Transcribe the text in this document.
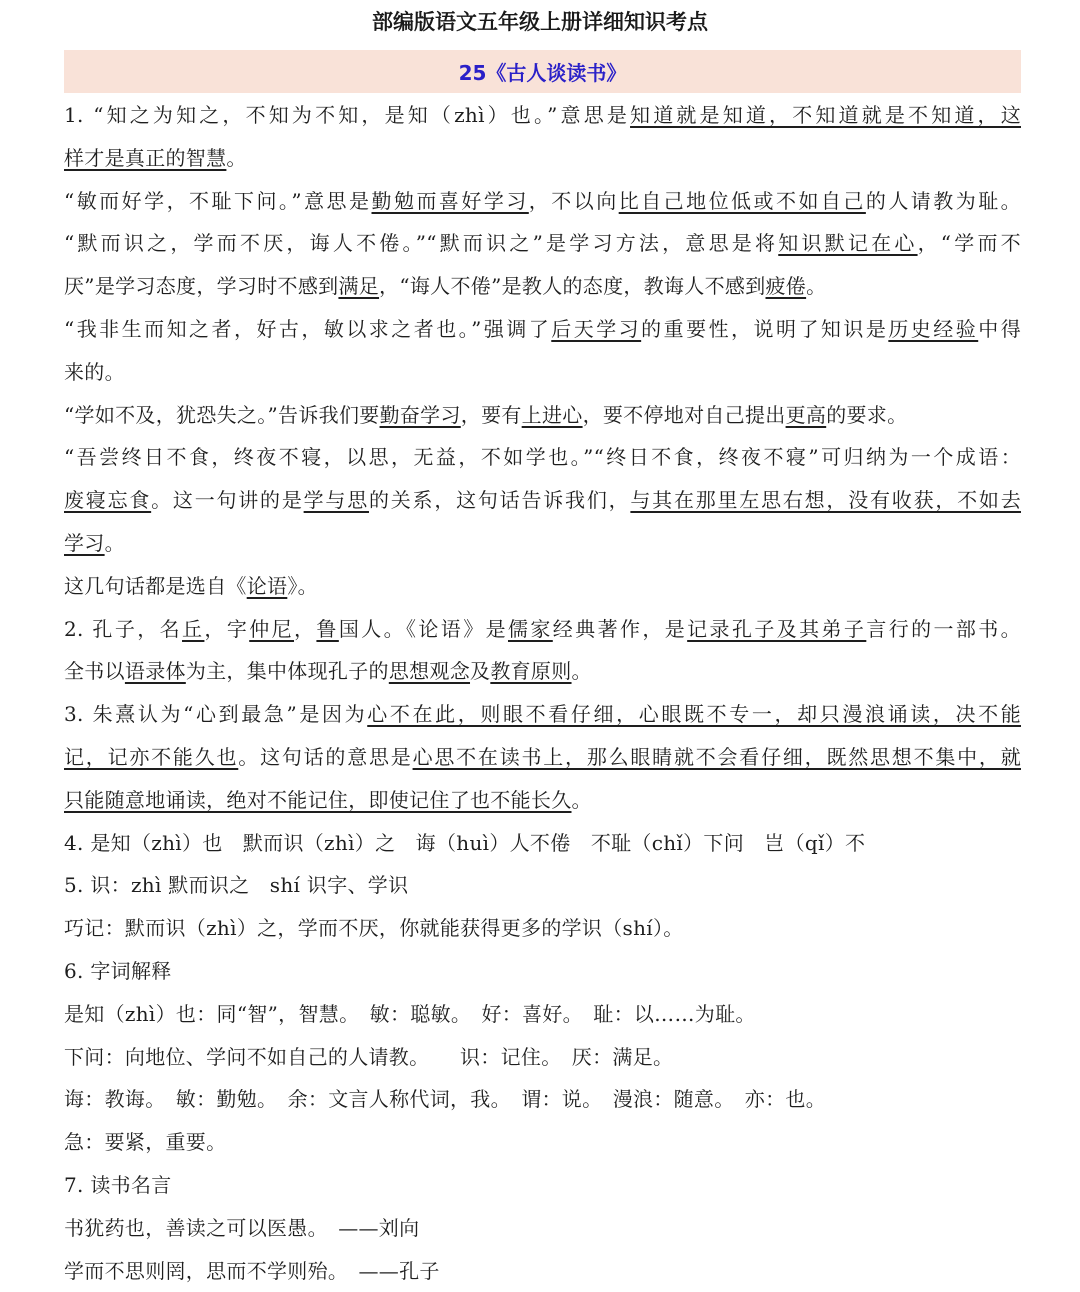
部编版语文五年级上册详细知识考点
25《古人谈读书》
1. “知之为知之，不知为不知，是知（zhì）也。”意思是知道就是知道，不知道就是不知道，这
样才是真正的智慧。
“敏而好学，不耻下问。”意思是勤勉而喜好学习，不以向比自己地位低或不如自己的人请教为耻。
“默而识之，学而不厌，诲人不倦。”“默而识之”是学习方法，意思是将知识默记在心，“学而不
厌”是学习态度，学习时不感到满足，“诲人不倦”是教人的态度，教诲人不感到疲倦。
“我非生而知之者，好古，敏以求之者也。”强调了后天学习的重要性，说明了知识是历史经验中得
来的。
“学如不及，犹恐失之。”告诉我们要勤奋学习，要有上进心，要不停地对自己提出更高的要求。
“吾尝终日不食，终夜不寝，以思，无益，不如学也。”“终日不食，终夜不寝”可归纳为一个成语：
废寝忘食。这一句讲的是学与思的关系，这句话告诉我们，与其在那里左思右想，没有收获，不如去
学习。
这几句话都是选自《论语》。
2. 孔子，名丘，字仲尼，鲁国人。《论语》是儒家经典著作，是记录孔子及其弟子言行的一部书。
全书以语录体为主，集中体现孔子的思想观念及教育原则。
3. 朱熹认为“心到最急”是因为心不在此，则眼不看仔细，心眼既不专一，却只漫浪诵读，决不能
记，记亦不能久也。这句话的意思是心思不在读书上，那么眼睛就不会看仔细，既然思想不集中，就
只能随意地诵读，绝对不能记住，即使记住了也不能长久。
4. 是知（zhì）也　默而识（zhì）之　诲（huì）人不倦　不耻（chǐ）下问　岂（qǐ）不
5. 识：zhì 默而识之　shí 识字、学识
巧记：默而识（zhì）之，学而不厌，你就能获得更多的学识（shí）。
6. 字词解释
是知（zhì）也：同“智”，智慧。　敏：聪敏。　好：喜好。　耻：以……为耻。
下问：向地位、学问不如自己的人请教。　　识：记住。　厌：满足。
诲：教诲。　敏：勤勉。　余：文言人称代词，我。　谓：说。　漫浪：随意。　亦：也。
急：要紧，重要。
7. 读书名言
书犹药也，善读之可以医愚。　——刘向
学而不思则罔，思而不学则殆。　——孔子
